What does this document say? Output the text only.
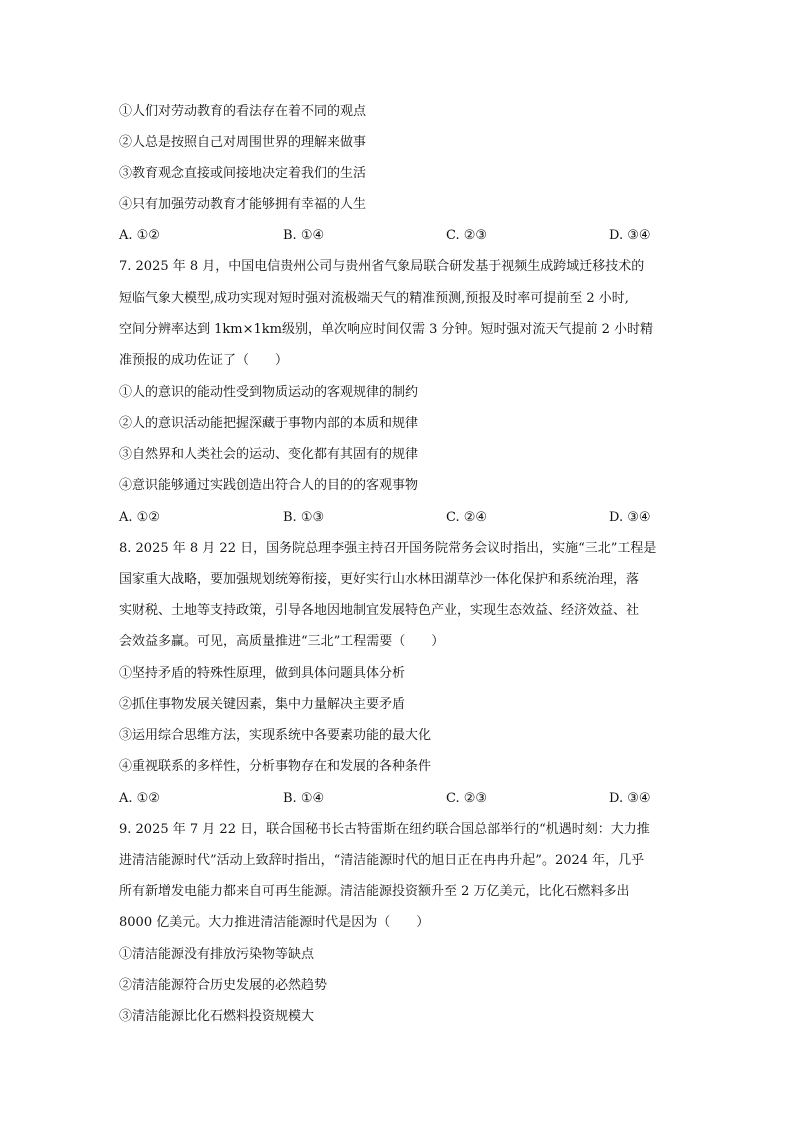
①人们对劳动教育的看法存在着不同的观点
②人总是按照自己对周围世界的理解来做事
③教育观念直接或间接地决定着我们的生活
④只有加强劳动教育才能够拥有幸福的人生
A. ①②	B. ①④	C. ②③	D. ③④
7. 2025 年 8 月，中国电信贵州公司与贵州省气象局联合研发基于视频生成跨域迁移技术的
短临气象大模型,成功实现对短时强对流极端天气的精准预测,预报及时率可提前至 2 小时,
空间分辨率达到 1km×1km级别，单次响应时间仅需 3 分钟。短时强对流天气提前 2 小时精
准预报的成功佐证了（　　）
①人的意识的能动性受到物质运动的客观规律的制约
②人的意识活动能把握深藏于事物内部的本质和规律
③自然界和人类社会的运动、变化都有其固有的规律
④意识能够通过实践创造出符合人的目的的客观事物
A. ①②	B. ①③	C. ②④	D. ③④
8. 2025 年 8 月 22 日，国务院总理李强主持召开国务院常务会议时指出，实施“三北”工程是
国家重大战略，要加强规划统筹衔接，更好实行山水林田湖草沙一体化保护和系统治理，落
实财税、土地等支持政策，引导各地因地制宜发展特色产业，实现生态效益、经济效益、社
会效益多赢。可见，高质量推进“三北”工程需要（　　）
①坚持矛盾的特殊性原理，做到具体问题具体分析
②抓住事物发展关键因素，集中力量解决主要矛盾
③运用综合思维方法，实现系统中各要素功能的最大化
④重视联系的多样性，分析事物存在和发展的各种条件
A. ①②	B. ①④	C. ②③	D. ③④
9. 2025 年 7 月 22 日，联合国秘书长古特雷斯在纽约联合国总部举行的“机遇时刻：大力推
进清洁能源时代”活动上致辞时指出，“清洁能源时代的旭日正在冉冉升起”。2024 年，几乎
所有新增发电能力都来自可再生能源。清洁能源投资额升至 2 万亿美元，比化石燃料多出
8000 亿美元。大力推进清洁能源时代是因为（　　）
①清洁能源没有排放污染物等缺点
②清洁能源符合历史发展的必然趋势
③清洁能源比化石燃料投资规模大
